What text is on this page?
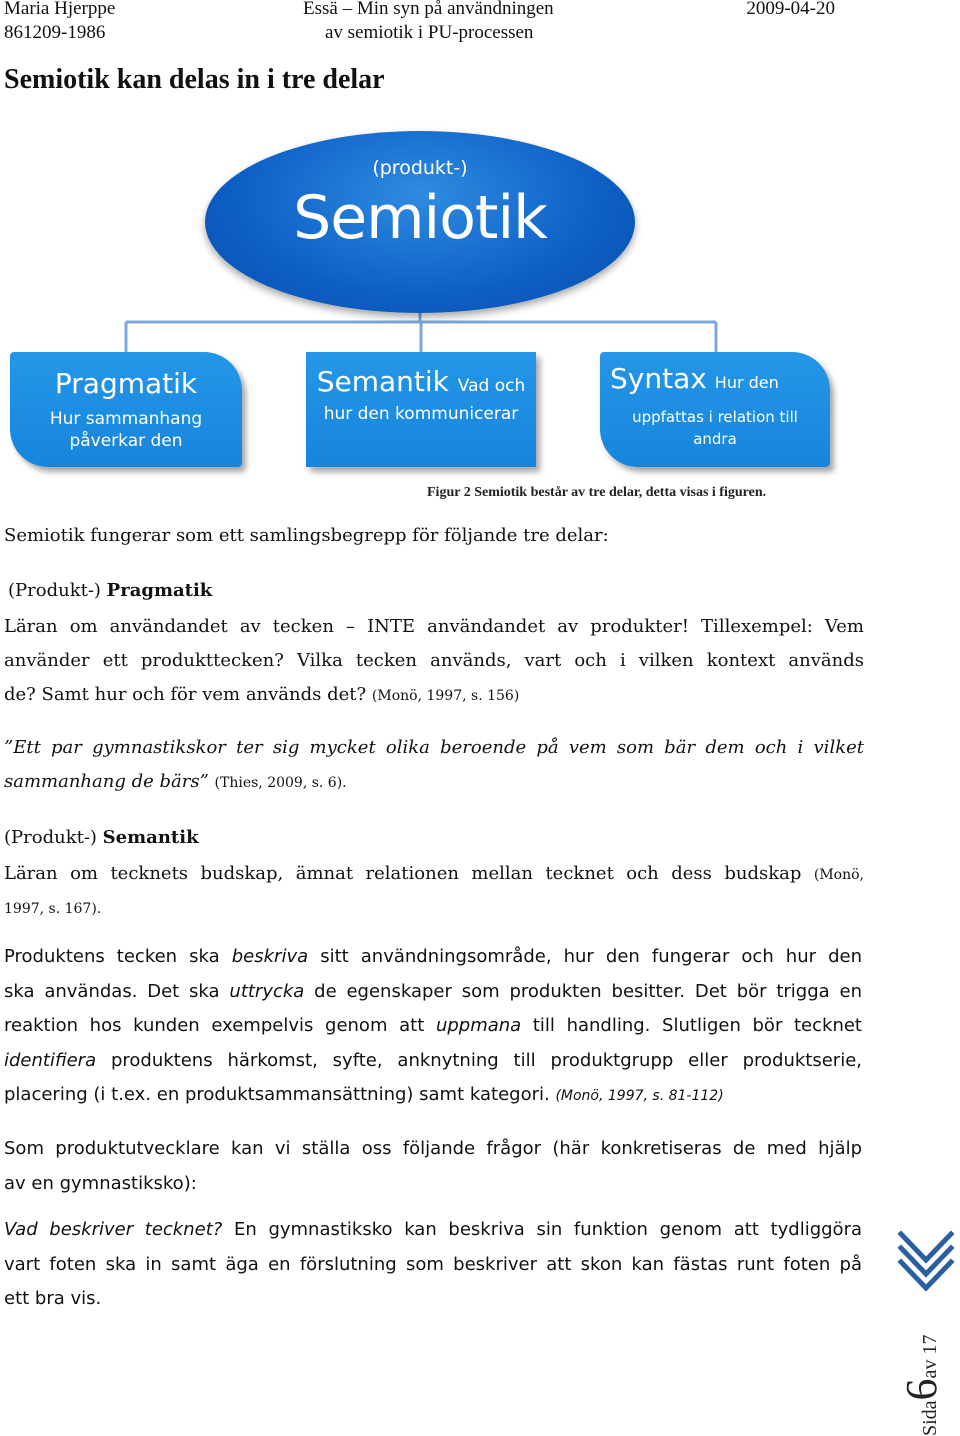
Maria Hjerppe
861209-1986
Essä – Min syn på användningen
av semiotik i PU-processen
2009-04-20
Semiotik kan delas in i tre delar
(produkt-)
Semiotik
Pragmatik
Hur sammanhang
påverkar den
Semantik Vad och
hur den kommunicerar
Syntax Hur den
uppfattas i relation till
andra
Figur 2 Semiotik består av tre delar, detta visas i figuren.
Semiotik fungerar som ett samlingsbegrepp för följande tre delar:
(Produkt-) Pragmatik
Läran om användandet av tecken – INTE användandet av produkter! Tillexempel: Vem
använder ett produkttecken? Vilka tecken används, vart och i vilken kontext används
de? Samt hur och för vem används det? (Monö, 1997, s. 156)
”Ett par gymnastikskor ter sig mycket olika beroende på vem som bär dem och i vilket
sammanhang de bärs” (Thies, 2009, s. 6).
(Produkt-) Semantik
Läran om tecknets budskap, ämnat relationen mellan tecknet och dess budskap (Monö,
1997, s. 167).
Produktens tecken ska beskriva sitt användningsområde, hur den fungerar och hur den
ska användas. Det ska uttrycka de egenskaper som produkten besitter. Det bör trigga en
reaktion hos kunden exempelvis genom att uppmana till handling. Slutligen bör tecknet
identifiera produktens härkomst, syfte, anknytning till produktgrupp eller produktserie,
placering (i t.ex. en produktsammansättning) samt kategori. (Monö, 1997, s. 81-112)
Som produktutvecklare kan vi ställa oss följande frågor (här konkretiseras de med hjälp
av en gymnastiksko):
Vad beskriver tecknet? En gymnastiksko kan beskriva sin funktion genom att tydliggöra
vart foten ska in samt äga en förslutning som beskriver att skon kan fästas runt foten på
ett bra vis.
Sida6av 17
